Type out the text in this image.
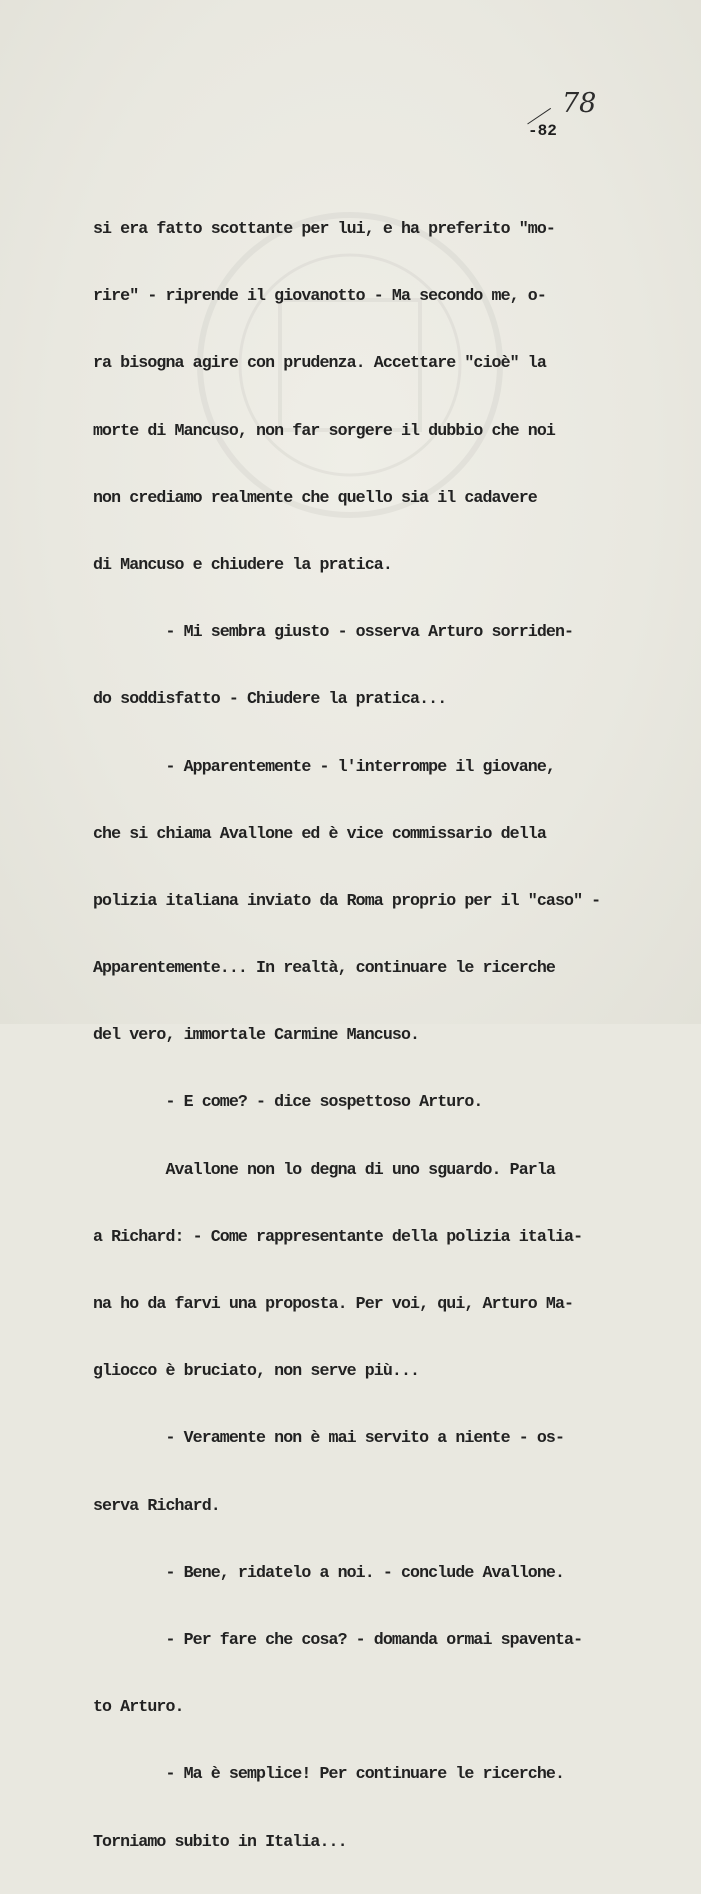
78
-82

si era fatto scottante per lui, e ha preferito "mo-

rire" - riprende il giovanotto - Ma secondo me, o-

ra bisogna agire con prudenza. Accettare "cioè" la

morte di Mancuso, non far sorgere il dubbio che noi

non crediamo realmente che quello sia il cadavere

di Mancuso e chiudere la pratica.

- Mi sembra giusto - osserva Arturo sorriden-

do soddisfatto - Chiudere la pratica...

- Apparentemente - l'interrompe il giovane,

che si chiama Avallone ed è vice commissario della

polizia italiana inviato da Roma proprio per il "caso" -

Apparentemente... In realtà, continuare le ricerche

del vero, immortale Carmine Mancuso.

- E come? - dice sospettoso Arturo.

Avallone non lo degna di uno sguardo. Parla

a Richard: - Come rappresentante della polizia italia-

na ho da farvi una proposta. Per voi, qui, Arturo Ma-

gliocco è bruciato, non serve più...

- Veramente non è mai servito a niente - os-

serva Richard.

- Bene, ridatelo a noi. - conclude Avallone.

- Per fare che cosa? - domanda ormai spaventa-

to Arturo.

- Ma è semplice! Per continuare le ricerche.

Torniamo subito in Italia...
